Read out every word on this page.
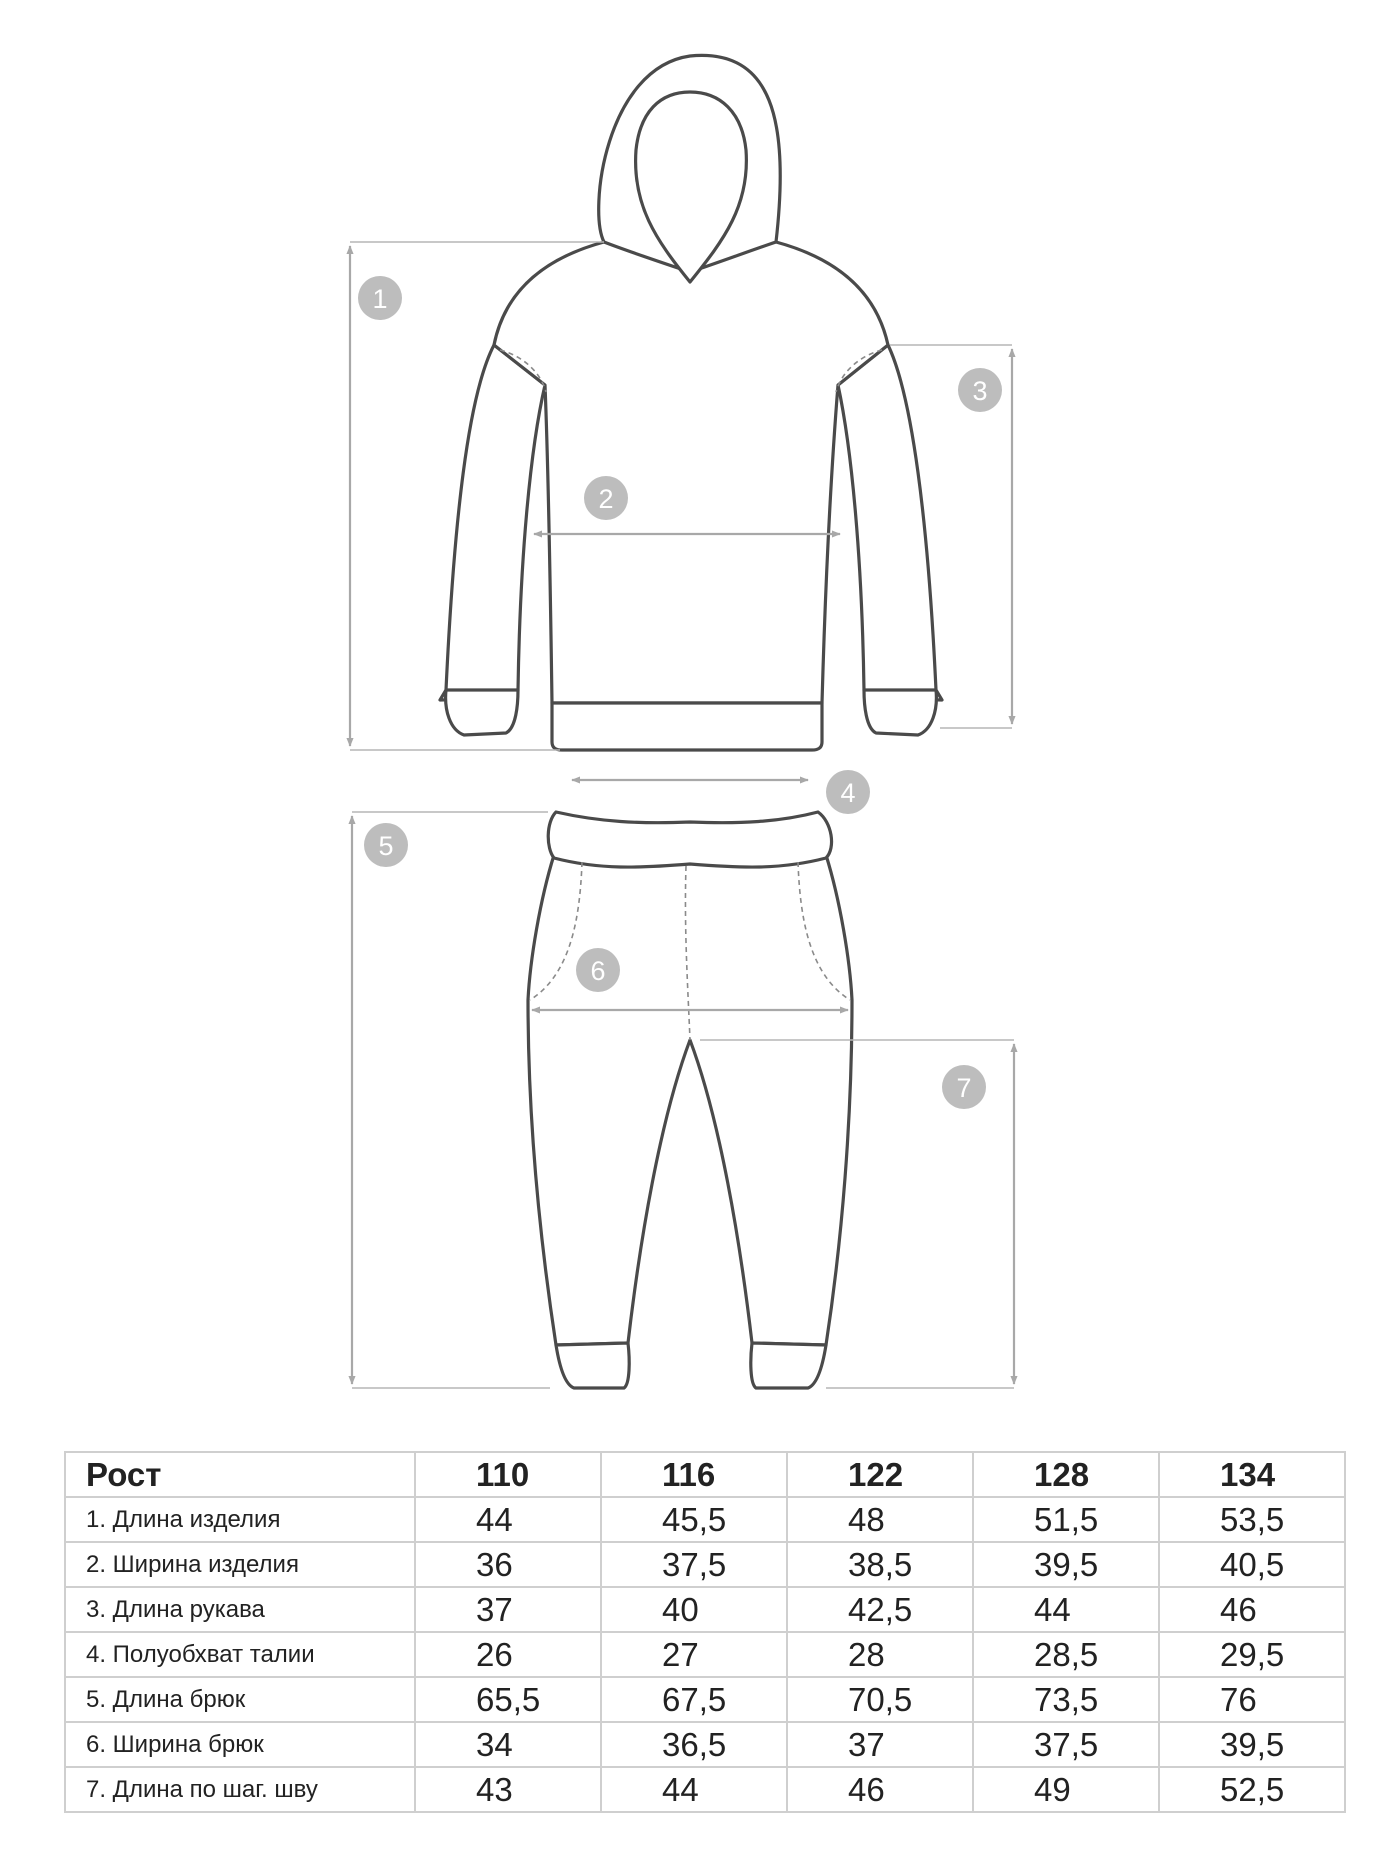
1
2
3
4
5
6
7
Рост	110	116	122	128	134
1. Длина изделия	44	45,5	48	51,5	53,5
2. Ширина изделия	36	37,5	38,5	39,5	40,5
3. Длина рукава	37	40	42,5	44	46
4. Полуобхват талии	26	27	28	28,5	29,5
5. Длина брюк	65,5	67,5	70,5	73,5	76
6. Ширина брюк	34	36,5	37	37,5	39,5
7. Длина по шаг. шву	43	44	46	49	52,5
